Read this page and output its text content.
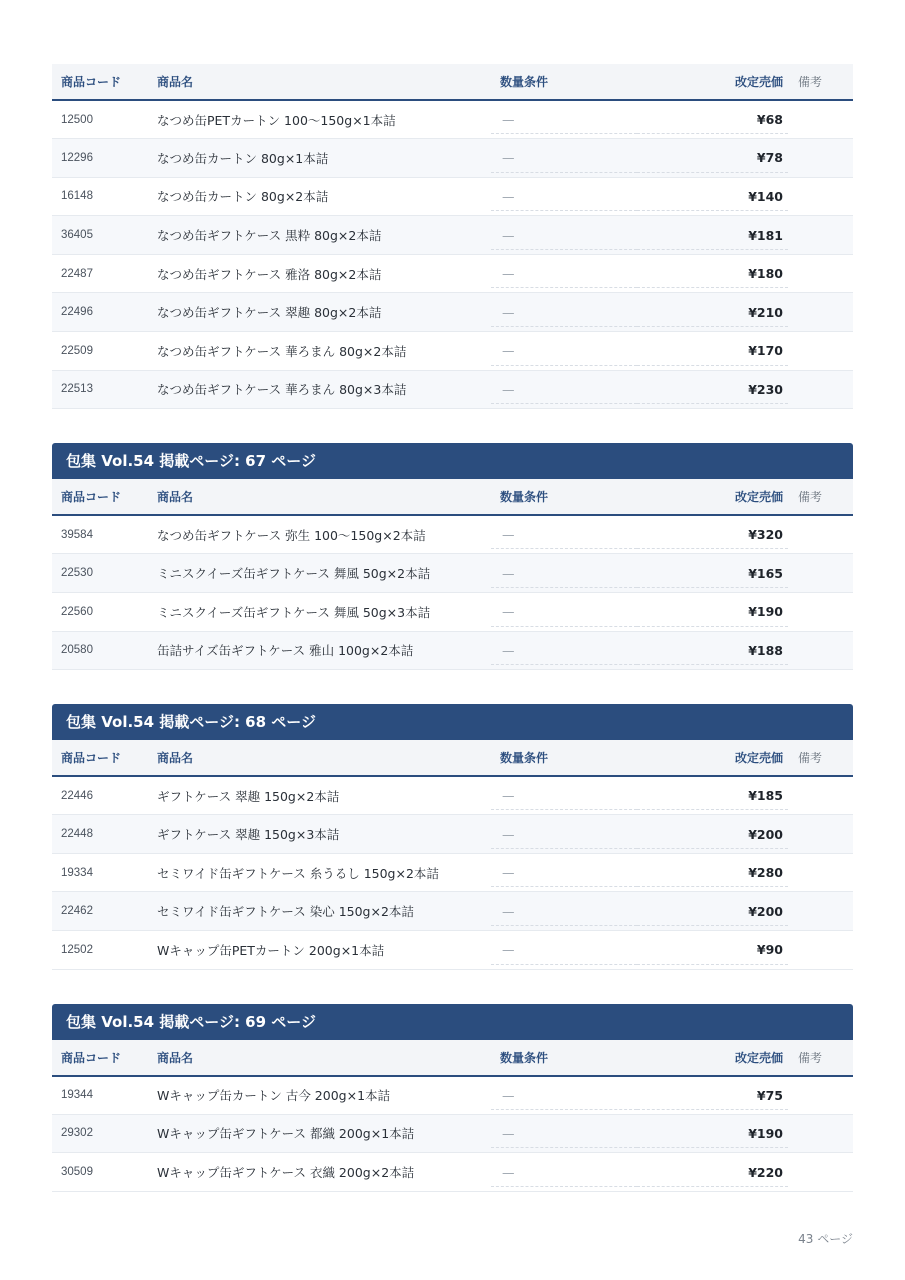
商品コード	商品名	数量条件	改定売価	備考
12500	なつめ缶PETカートン 100〜150g×1本詰	—	¥68	
12296	なつめ缶カートン 80g×1本詰	—	¥78	
16148	なつめ缶カートン 80g×2本詰	—	¥140	
36405	なつめ缶ギフトケース 黒粋 80g×2本詰	—	¥181	
22487	なつめ缶ギフトケース 雅洛 80g×2本詰	—	¥180	
22496	なつめ缶ギフトケース 翠趣 80g×2本詰	—	¥210	
22509	なつめ缶ギフトケース 華ろまん 80g×2本詰	—	¥170	
22513	なつめ缶ギフトケース 華ろまん 80g×3本詰	—	¥230	
包集 Vol.54 掲載ページ: 67 ページ
商品コード	商品名	数量条件	改定売価	備考
39584	なつめ缶ギフトケース 弥生 100〜150g×2本詰	—	¥320	
22530	ミニスクイーズ缶ギフトケース 舞風 50g×2本詰	—	¥165	
22560	ミニスクイーズ缶ギフトケース 舞風 50g×3本詰	—	¥190	
20580	缶詰サイズ缶ギフトケース 雅山 100g×2本詰	—	¥188	
包集 Vol.54 掲載ページ: 68 ページ
商品コード	商品名	数量条件	改定売価	備考
22446	ギフトケース 翠趣 150g×2本詰	—	¥185	
22448	ギフトケース 翠趣 150g×3本詰	—	¥200	
19334	セミワイド缶ギフトケース 糸うるし 150g×2本詰	—	¥280	
22462	セミワイド缶ギフトケース 染心 150g×2本詰	—	¥200	
12502	Wキャップ缶PETカートン 200g×1本詰	—	¥90	
包集 Vol.54 掲載ページ: 69 ページ
商品コード	商品名	数量条件	改定売価	備考
19344	Wキャップ缶カートン 古今 200g×1本詰	—	¥75	
29302	Wキャップ缶ギフトケース 都織 200g×1本詰	—	¥190	
30509	Wキャップ缶ギフトケース 衣織 200g×2本詰	—	¥220	
43 ページ
